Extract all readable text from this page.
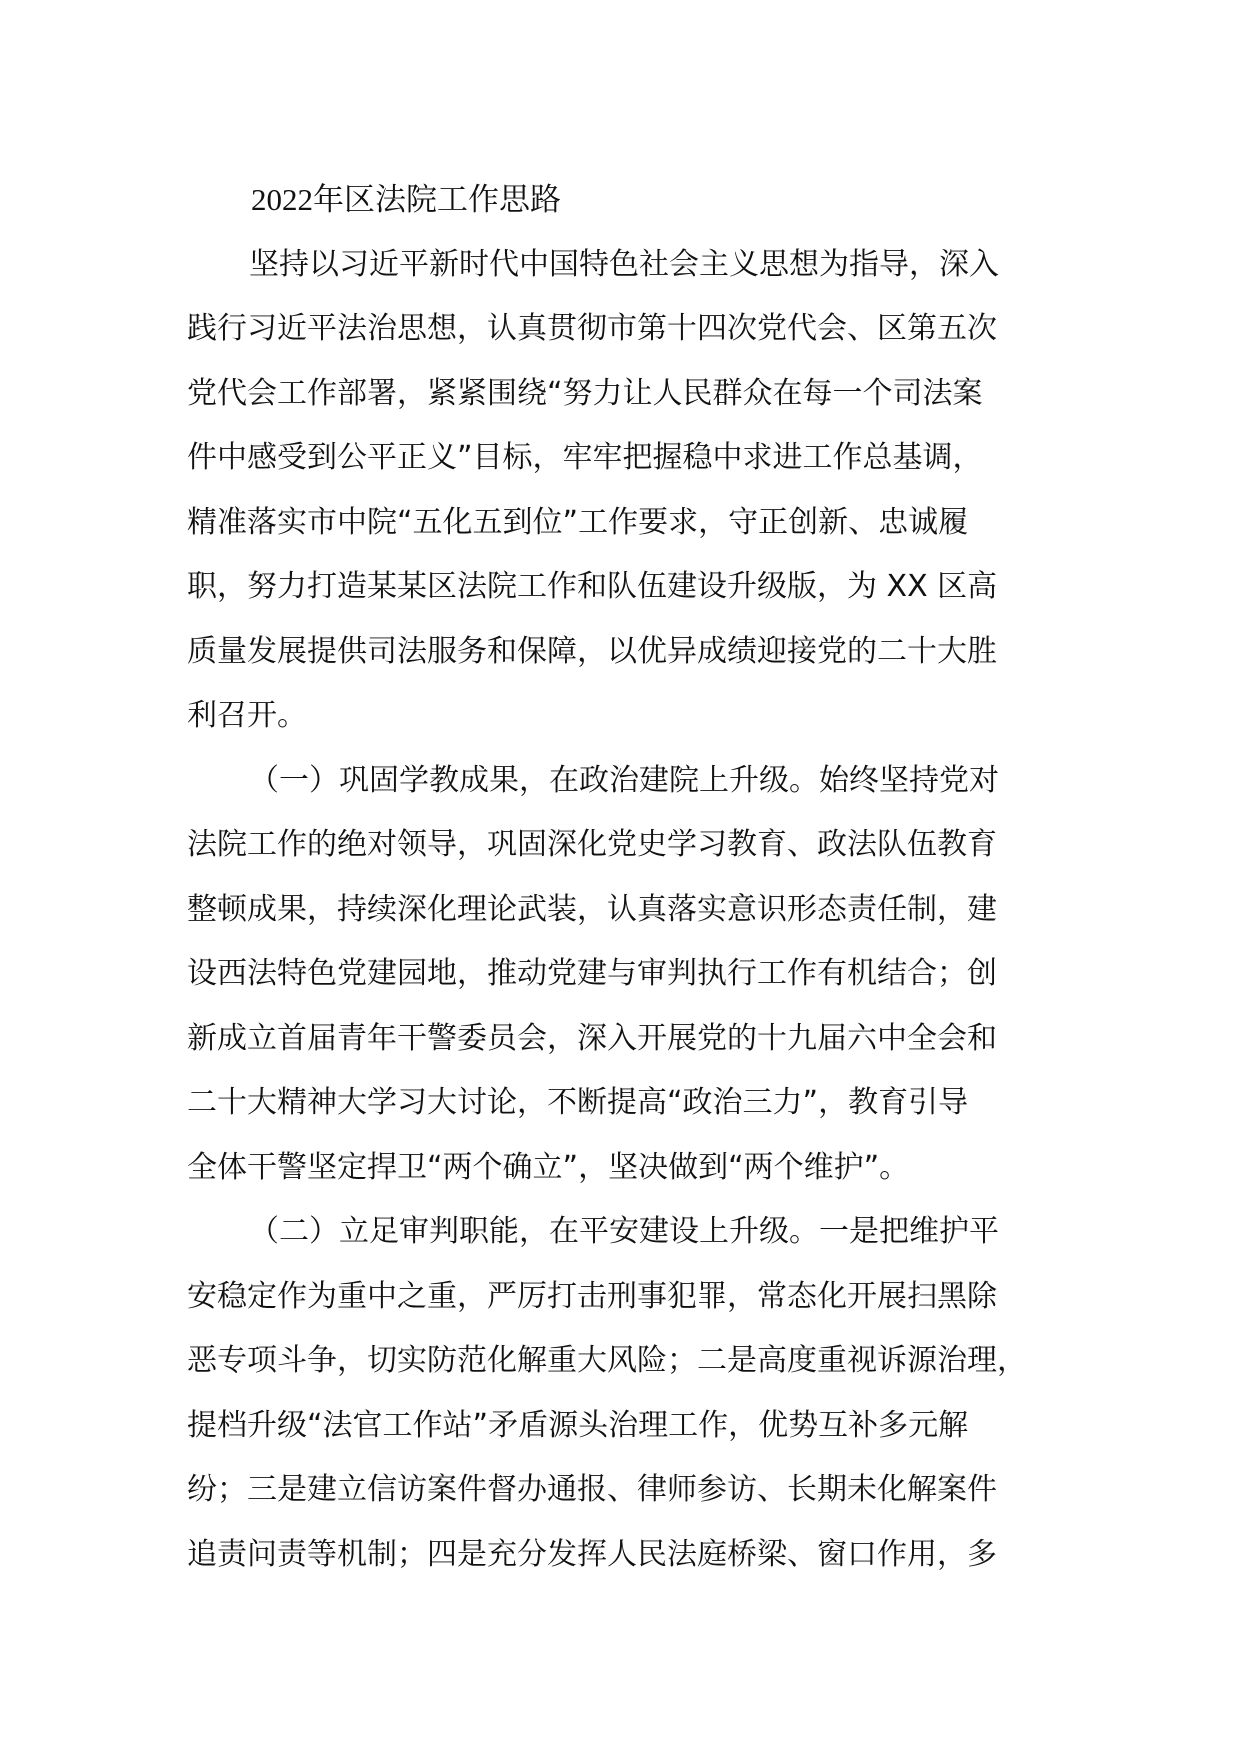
2022年区法院工作思路
坚持以习近平新时代中国特色社会主义思想为指导，深入
践行习近平法治思想，认真贯彻市第十四次党代会、区第五次
党代会工作部署，紧紧围绕“努力让人民群众在每一个司法案
件中感受到公平正义”目标，牢牢把握稳中求进工作总基调，
精准落实市中院“五化五到位”工作要求，守正创新、忠诚履
职，努力打造某某区法院工作和队伍建设升级版，为 XX 区高
质量发展提供司法服务和保障，以优异成绩迎接党的二十大胜
利召开。
（一）巩固学教成果，在政治建院上升级。始终坚持党对
法院工作的绝对领导，巩固深化党史学习教育、政法队伍教育
整顿成果，持续深化理论武装，认真落实意识形态责任制，建
设西法特色党建园地，推动党建与审判执行工作有机结合；创
新成立首届青年干警委员会，深入开展党的十九届六中全会和
二十大精神大学习大讨论，不断提高“政治三力”，教育引导
全体干警坚定捍卫“两个确立”，坚决做到“两个维护”。
（二）立足审判职能，在平安建设上升级。一是把维护平
安稳定作为重中之重，严厉打击刑事犯罪，常态化开展扫黑除
恶专项斗争，切实防范化解重大风险；二是高度重视诉源治理，
提档升级“法官工作站”矛盾源头治理工作，优势互补多元解
纷；三是建立信访案件督办通报、律师参访、长期未化解案件
追责问责等机制；四是充分发挥人民法庭桥梁、窗口作用，多
